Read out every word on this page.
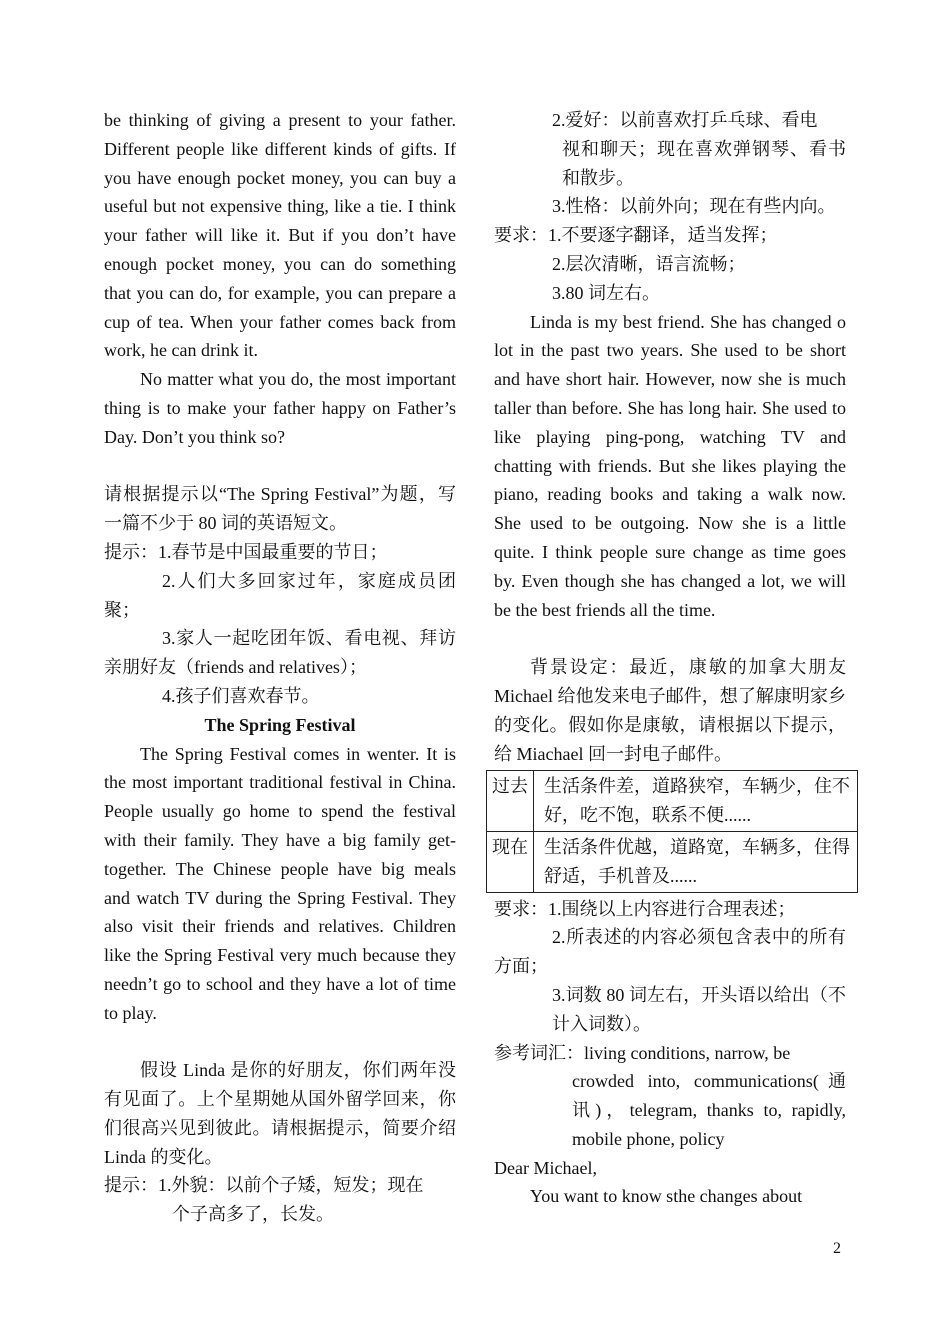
be thinking of giving a present to your father. Different people like different kinds of gifts. If you have enough pocket money, you can buy a useful but not expensive thing, like a tie. I think your father will like it. But if you don’t have enough pocket money, you can do something that you can do, for example, you can prepare a cup of tea. When your father comes back from work, he can drink it.

No matter what you do, the most important thing is to make your father happy on Father’s Day. Don’t you think so?

请根据提示以“The Spring Festival”为题，写一篇不少于 80 词的英语短文。

提示：1.春节是中国最重要的节日；

2.人们大多回家过年，家庭成员团聚；

3.家人一起吃团年饭、看电视、拜访亲朋好友（friends and relatives）；

4.孩子们喜欢春节。

The Spring Festival

The Spring Festival comes in wenter. It is the most important traditional festival in China. People usually go home to spend the festival with their family. They have a big family get-together. The Chinese people have big meals and watch TV during the Spring Festival. They also visit their friends and relatives. Children like the Spring Festival very much because they needn’t go to school and they have a lot of time to play.

假设 Linda 是你的好朋友，你们两年没有见面了。上个星期她从国外留学回来，你们很高兴见到彼此。请根据提示，简要介绍 Linda 的变化。

提示：1.外貌：以前个子矮，短发；现在

个子高多了，长发。

2.爱好：以前喜欢打乒乓球、看电

视和聊天；现在喜欢弹钢琴、看书和散步。

3.性格：以前外向；现在有些内向。

要求：1.不要逐字翻译，适当发挥；

2.层次清晰，语言流畅；

3.80 词左右。

Linda is my best friend. She has changed o lot in the past two years. She used to be short and have short hair. However, now she is much taller than before. She has long hair. She used to like playing ping-pong, watching TV and chatting with friends. But she likes playing the piano, reading books and taking a walk now. She used to be outgoing. Now she is a little quite. I think people sure change as time goes by. Even though she has changed a lot, we will be the best friends all the time.

背景设定：最近，康敏的加拿大朋友 Michael 给他发来电子邮件，想了解康明家乡的变化。假如你是康敏，请根据以下提示，给 Miachael 回一封电子邮件。

过去	生活条件差，道路狭窄，车辆少，住不好，吃不饱，联系不便......
现在	生活条件优越，道路宽，车辆多，住得舒适，手机普及......

要求：1.围绕以上内容进行合理表述；

2.所表述的内容必须包含表中的所有方面；

3.词数 80 词左右，开头语以给出（不计入词数）。

参考词汇：living conditions, narrow, be

crowded into, communications(通讯)，telegram, thanks to, rapidly, mobile phone, policy

Dear Michael,

You want to know sthe changes about

2
